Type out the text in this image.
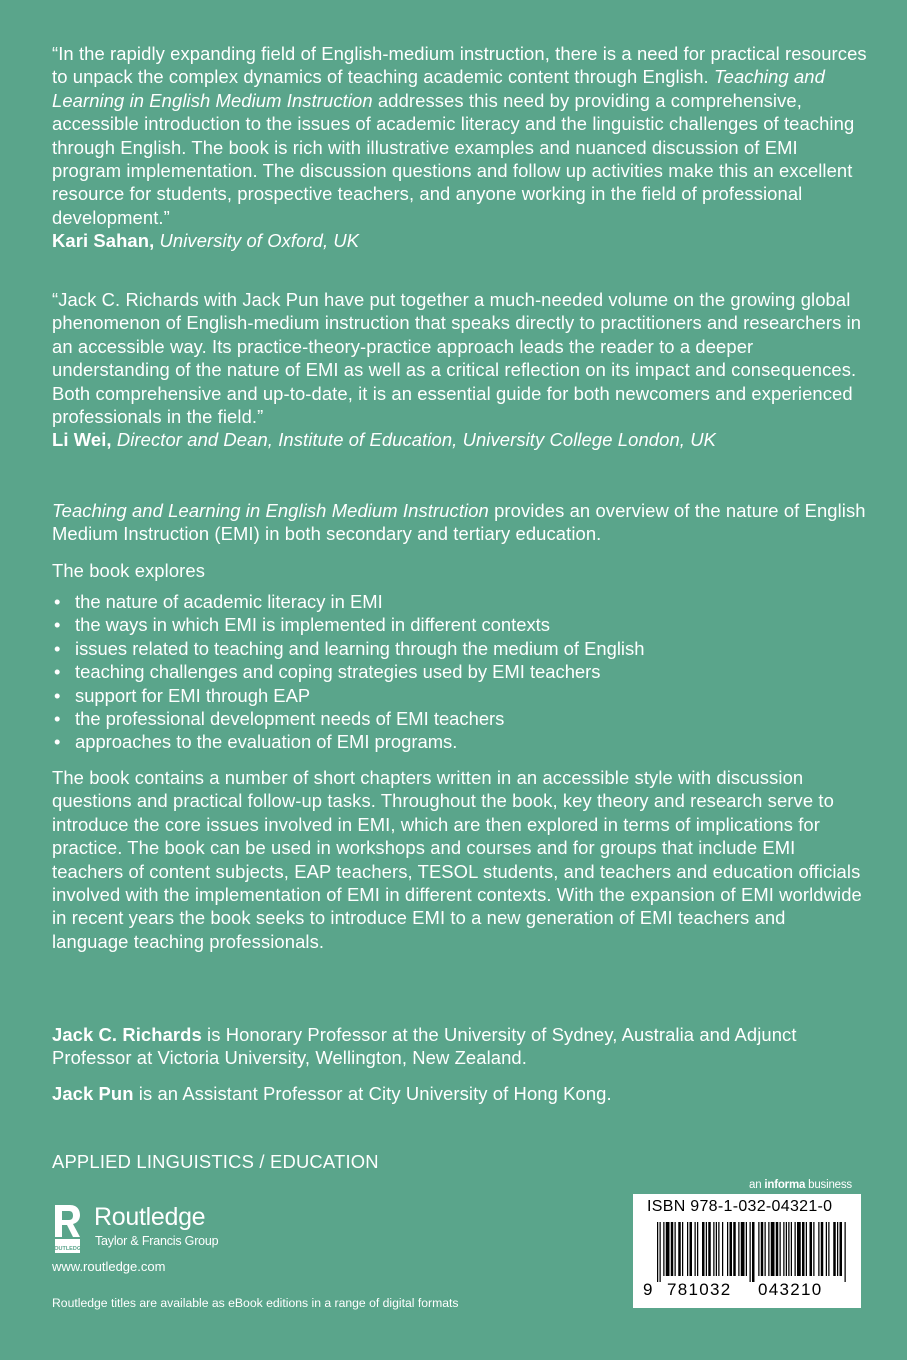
“In the rapidly expanding field of English-medium instruction, there is a need for practical resources to unpack the complex dynamics of teaching academic content through English. Teaching and Learning in English Medium Instruction addresses this need by providing a comprehensive, accessible introduction to the issues of academic literacy and the linguistic challenges of teaching through English. The book is rich with illustrative examples and nuanced discussion of EMI program implementation. The discussion questions and follow up activities make this an excellent resource for students, prospective teachers, and anyone working in the field of professional development.”

Kari Sahan, University of Oxford, UK

“Jack C. Richards with Jack Pun have put together a much-needed volume on the growing global phenomenon of English-medium instruction that speaks directly to practitioners and researchers in an accessible way. Its practice-theory-practice approach leads the reader to a deeper understanding of the nature of EMI as well as a critical reflection on its impact and consequences. Both comprehensive and up-to-date, it is an essential guide for both newcomers and experienced professionals in the field.”

Li Wei, Director and Dean, Institute of Education, University College London, UK

Teaching and Learning in English Medium Instruction provides an overview of the nature of English Medium Instruction (EMI) in both secondary and tertiary education.

The book explores
• the nature of academic literacy in EMI
• the ways in which EMI is implemented in different contexts
• issues related to teaching and learning through the medium of English
• teaching challenges and coping strategies used by EMI teachers
• support for EMI through EAP
• the professional development needs of EMI teachers
• approaches to the evaluation of EMI programs.
The book contains a number of short chapters written in an accessible style with discussion questions and practical follow-up tasks. Throughout the book, key theory and research serve to introduce the core issues involved in EMI, which are then explored in terms of implications for practice. The book can be used in workshops and courses and for groups that include EMI teachers of content subjects, EAP teachers, TESOL students, and teachers and education officials involved with the implementation of EMI in different contexts. With the expansion of EMI worldwide in recent years the book seeks to introduce EMI to a new generation of EMI teachers and language teaching professionals.

Jack C. Richards is Honorary Professor at the University of Sydney, Australia and Adjunct Professor at Victoria University, Wellington, New Zealand.

Jack Pun is an Assistant Professor at City University of Hong Kong.

APPLIED LINGUISTICS / EDUCATION
ROUTLEDGE
Routledge
Taylor & Francis Group
www.routledge.com
Routledge titles are available as eBook editions in a range of digital formats
an informa business
ISBN 978-1-032-04321-0
9 781032 043210
